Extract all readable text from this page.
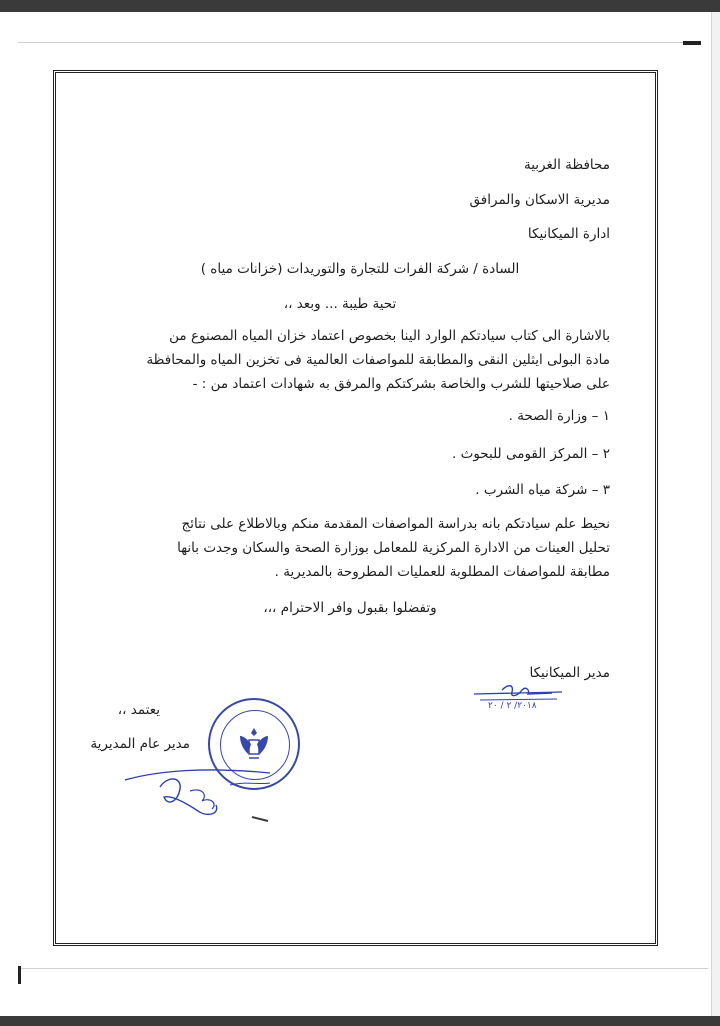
محافظة الغربية
مديرية الاسكان والمرافق
ادارة الميكانيكا
السادة / شركة الفرات للتجارة والتوريدات (خزانات مياه )
تحية طيبة ... وبعد ،،
بالاشارة الى كتاب سيادتكم الوارد الينا بخصوص اعتماد خزان المياه المصنوع من
مادة البولى ايثلين النقى والمطابقة للمواصفات العالمية فى تخزين المياه والمحافظة
على صلاحيتها للشرب والخاصة بشركتكم والمرفق به شهادات اعتماد من : -
١ – وزارة الصحة .
٢ – المركز القومى للبحوث .
٣ – شركة مياه الشرب .
نحيط علم سيادتكم بانه بدراسة المواصفات المقدمة منكم وبالاطلاع على نتائج
تحليل العينات من الادارة المركزية للمعامل بوزارة الصحة والسكان وجدت بانها
مطابقة للمواصفات المطلوبة للعمليات المطروحة بالمديرية .
وتفضلوا بقبول وافر الاحترام ،،،
مدير الميكانيكا
يعتمد ،،
مدير عام المديرية
٢٠١٨/ ٢ / ٢٠
